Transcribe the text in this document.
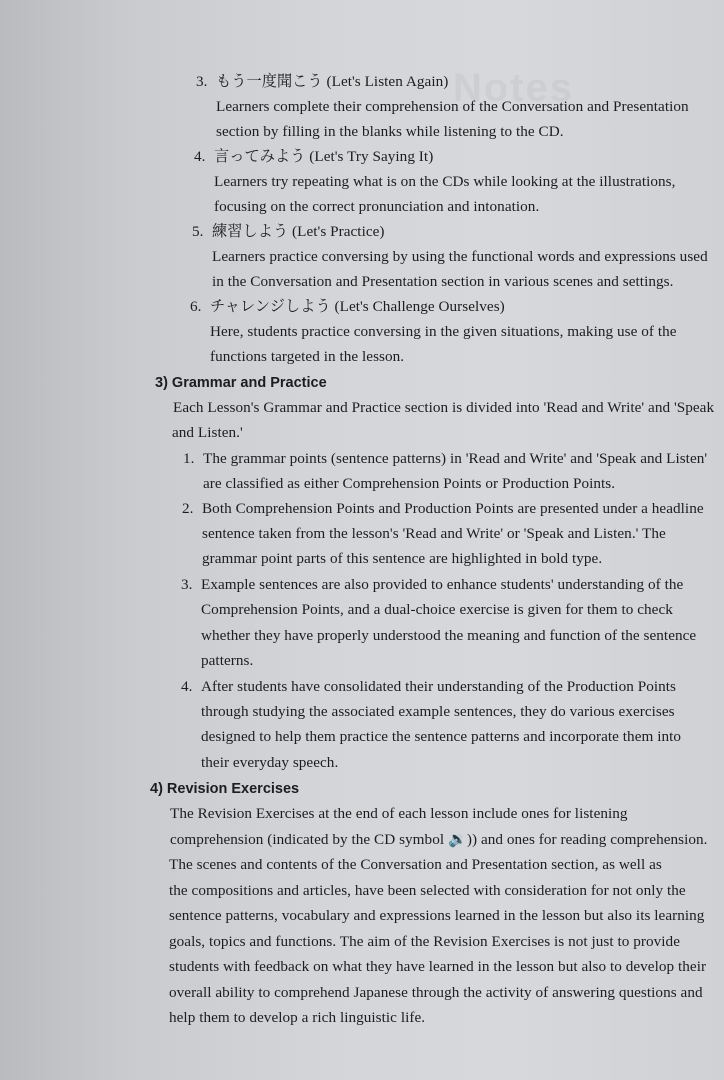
Notes
3. もう一度聞こう (Let's Listen Again)
Learners complete their comprehension of the Conversation and Presentation
section by filling in the blanks while listening to the CD.
4. 言ってみよう (Let's Try Saying It)
Learners try repeating what is on the CDs while looking at the illustrations,
focusing on the correct pronunciation and intonation.
5. 練習しよう (Let's Practice)
Learners practice conversing by using the functional words and expressions used
in the Conversation and Presentation section in various scenes and settings.
6. チャレンジしよう (Let's Challenge Ourselves)
Here, students practice conversing in the given situations, making use of the
functions targeted in the lesson.
3) Grammar and Practice
Each Lesson's Grammar and Practice section is divided into 'Read and Write' and 'Speak
and Listen.'
1. The grammar points (sentence patterns) in 'Read and Write' and 'Speak and Listen'
are classified as either Comprehension Points or Production Points.
2. Both Comprehension Points and Production Points are presented under a headline
sentence taken from the lesson's 'Read and Write' or 'Speak and Listen.' The
grammar point parts of this sentence are highlighted in bold type.
3. Example sentences are also provided to enhance students' understanding of the
Comprehension Points, and a dual-choice exercise is given for them to check
whether they have properly understood the meaning and function of the sentence
patterns.
4. After students have consolidated their understanding of the Production Points
through studying the associated example sentences, they do various exercises
designed to help them practice the sentence patterns and incorporate them into
their everyday speech.
4) Revision Exercises
The Revision Exercises at the end of each lesson include ones for listening
comprehension (indicated by the CD symbol 🔉)) and ones for reading comprehension.
The scenes and contents of the Conversation and Presentation section, as well as
the compositions and articles, have been selected with consideration for not only the
sentence patterns, vocabulary and expressions learned in the lesson but also its learning
goals, topics and functions. The aim of the Revision Exercises is not just to provide
students with feedback on what they have learned in the lesson but also to develop their
overall ability to comprehend Japanese through the activity of answering questions and
help them to develop a rich linguistic life.
